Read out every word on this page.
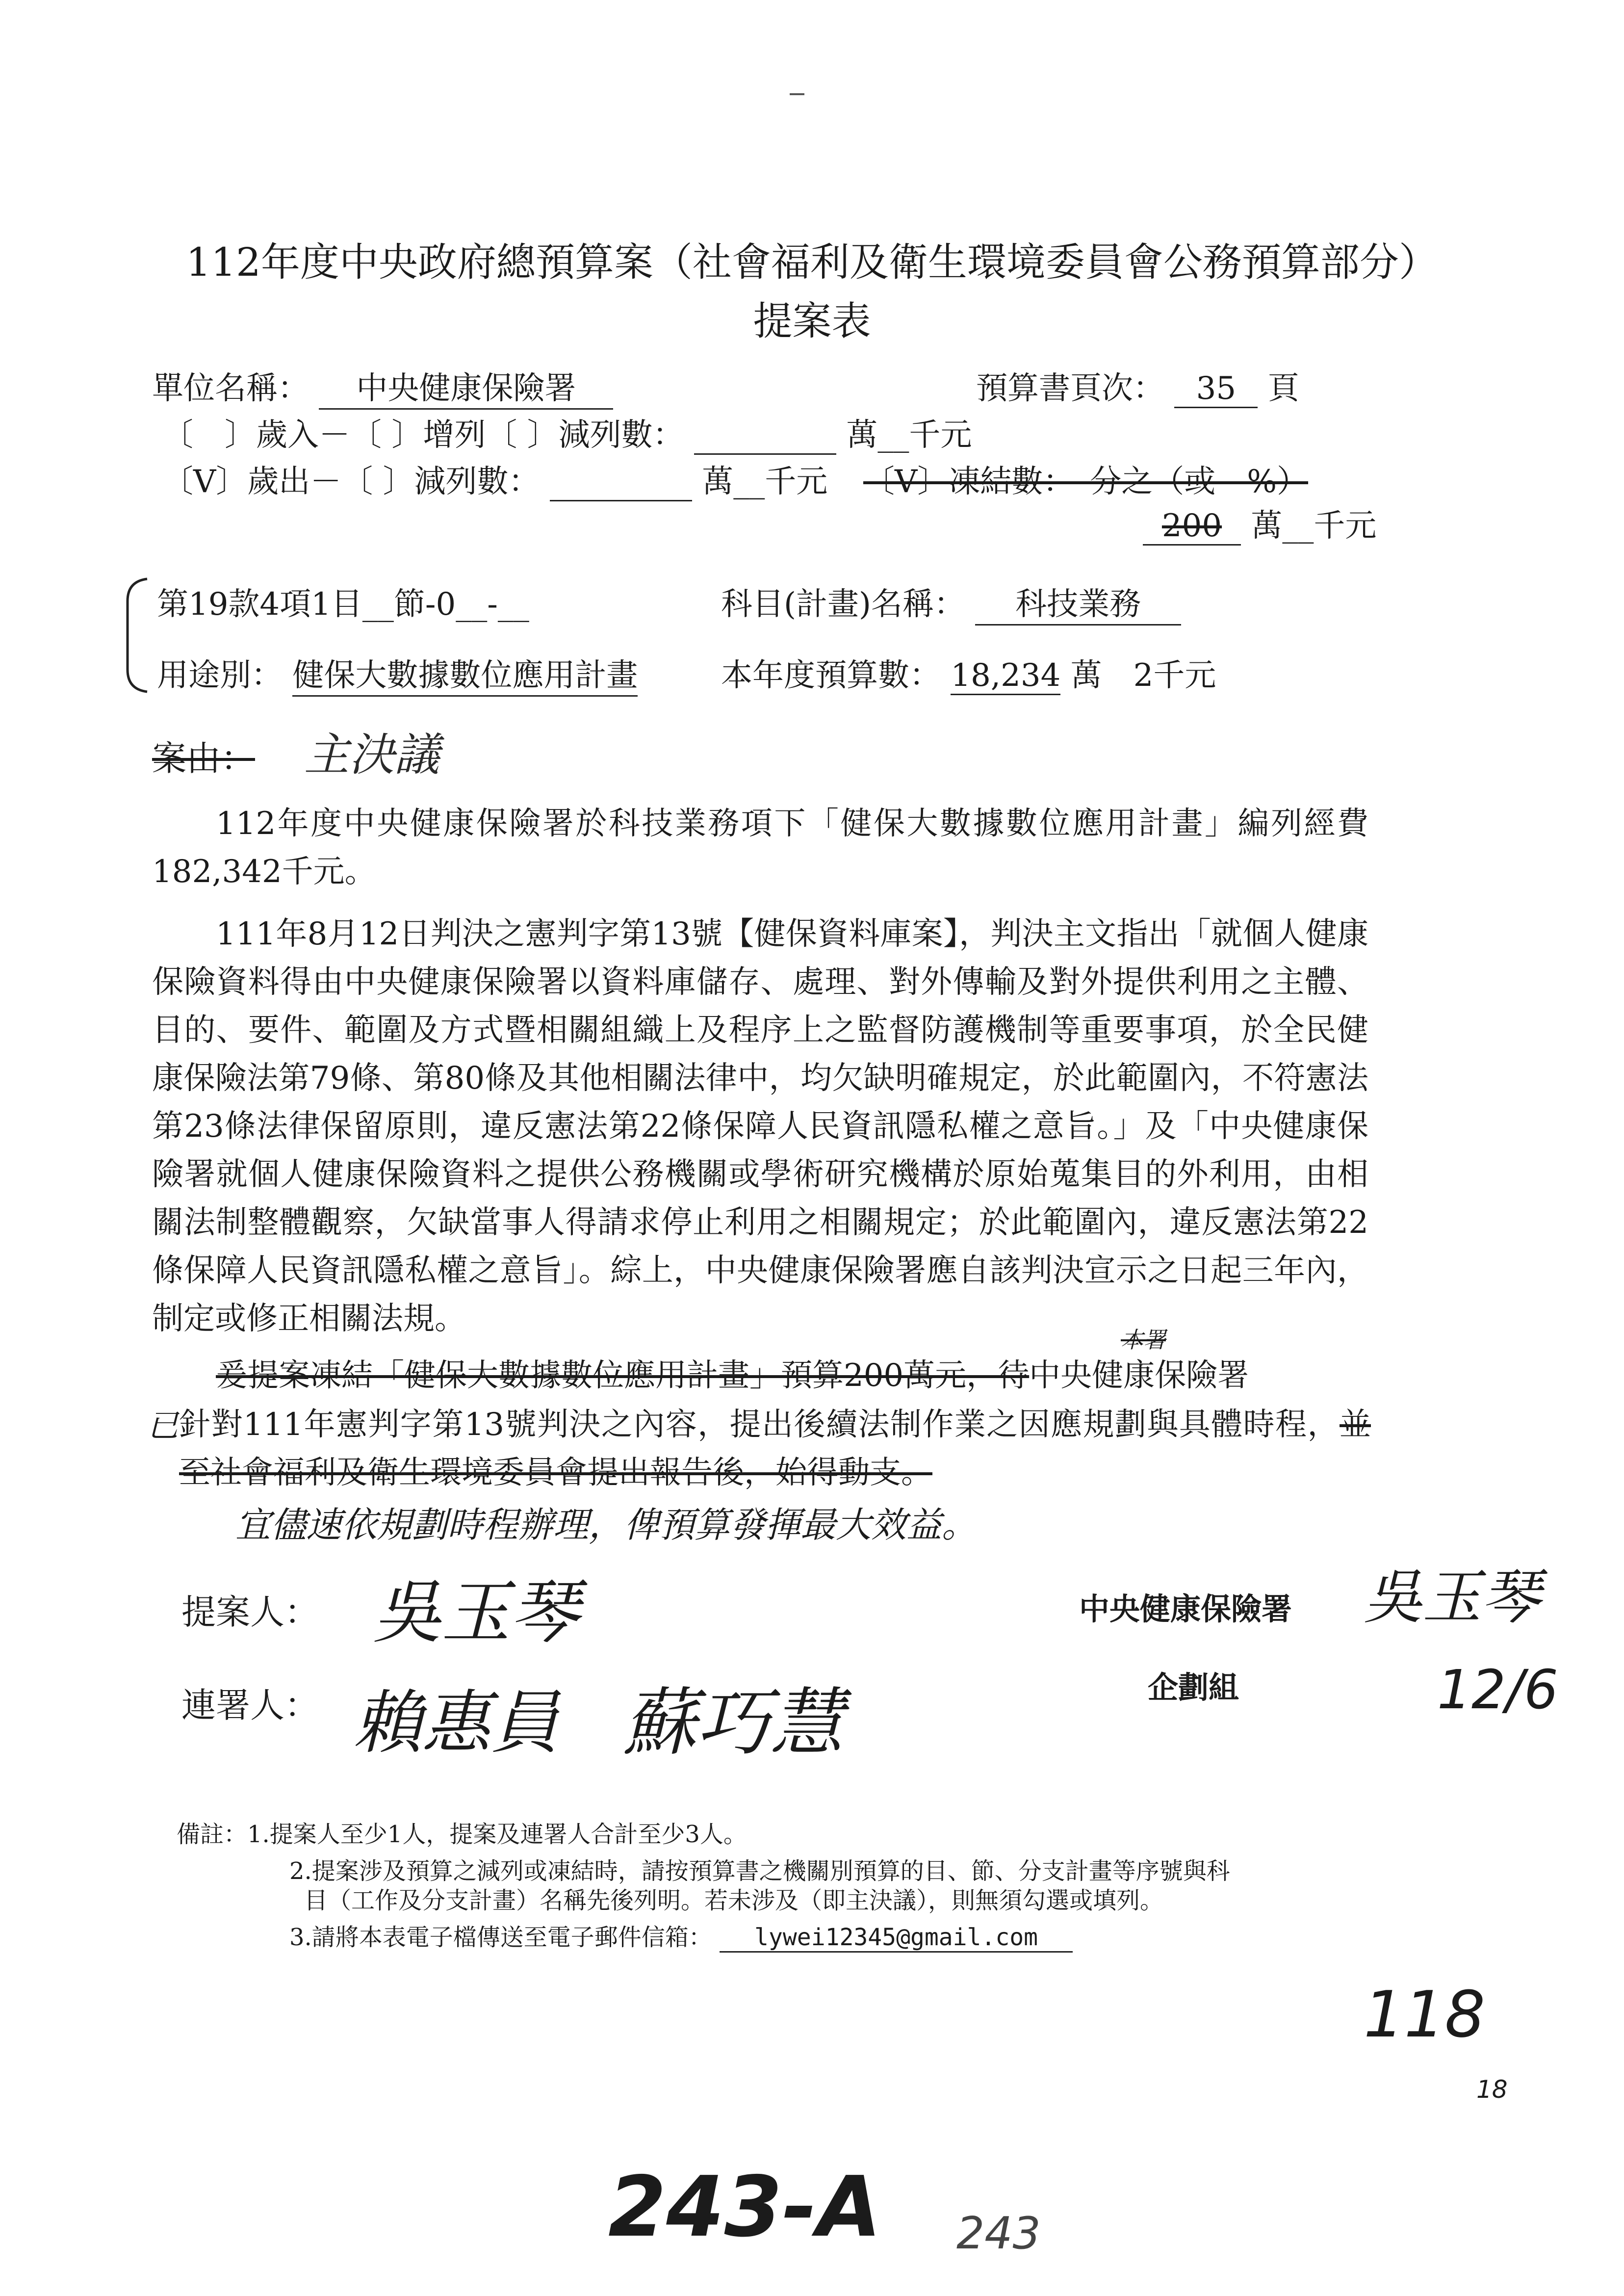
112年度中央政府總預算案（社會福利及衛生環境委員會公務預算部分）
提案表
單位名稱： 中央健康保險署	預算書頁次： 35 頁
〔　〕歲入－〔 〕增列〔 〕減列數：	萬__千元
〔V〕歲出－〔 〕減列數：	萬__千元 〔V〕凍結數：　分之（或　%）
200 萬__千元
第19款4項1目__節-0__-__	科目(計畫)名稱： 科技業務
用途別： 健保大數據數位應用計畫	本年度預算數： 18,234 萬　2千元
案由： 主決議
112年度中央健康保險署於科技業務項下「健保大數據數位應用計畫」編列經費182,342千元。
111年8月12日判決之憲判字第13號【健保資料庫案】，判決主文指出「就個人健康保險資料得由中央健康保險署以資料庫儲存、處理、對外傳輸及對外提供利用之主體、目的、要件、範圍及方式暨相關組織上及程序上之監督防護機制等重要事項，於全民健康保險法第79條、第80條及其他相關法律中，均欠缺明確規定，於此範圍內，不符憲法第23條法律保留原則，違反憲法第22條保障人民資訊隱私權之意旨。」及「中央健康保險署就個人健康保險資料之提供公務機關或學術研究機構於原始蒐集目的外利用，由相關法制整體觀察，欠缺當事人得請求停止利用之相關規定；於此範圍內，違反憲法第22條保障人民資訊隱私權之意旨」。綜上，中央健康保險署應自該判決宣示之日起三年內，制定或修正相關法規。
本署
爰提案凍結「健保大數據數位應用計畫」預算200萬元，待中央健康保險署
已 針對111年憲判字第13號判決之內容，提出後續法制作業之因應規劃與具體時程，並至社會福利及衛生環境委員會提出報告後，始得動支。
宜儘速依規劃時程辦理，俾預算發揮最大效益。
提案人： 吳玉琴
連署人： 賴惠員 蘇巧慧
中央健康保險署
企劃組
吳玉琴
12/6
備註：1.提案人至少1人，提案及連署人合計至少3人。
2.提案涉及預算之減列或凍結時，請按預算書之機關別預算的目、節、分支計畫等序號與科
目（工作及分支計畫）名稱先後列明。若未涉及（即主決議），則無須勾選或填列。
3.請將本表電子檔傳送至電子郵件信箱： lywei12345@gmail.com
118
18
243-A 243
